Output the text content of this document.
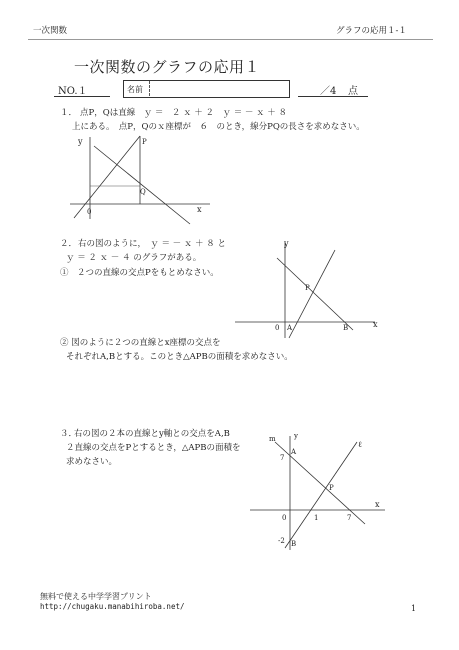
一次関数	グラフの応用１-１
一次関数のグラフの応用１
NO.１	名前	／4 点
１． 点P，Qは直線　ｙ ＝　２ ｘ ＋ ２　ｙ ＝ － ｘ ＋ ８
上にある。　点P，Qのｘ座標が　６　のとき，線分PQの長さを求めなさい。
y
x
0
P
Q
２． 右の図のように，　ｙ ＝ － ｘ ＋ ８ と
ｙ ＝ ２ ｘ － ４ のグラフがある。
①　２つの直線の交点Pをもとめなさい。
② 図のように２つの直線とx座標の交点を
それぞれA,Bとする。このとき△APBの面積を求めなさい。
y
x
0 A	B
P
３．
右の図の２本の直線とy軸との交点をA,B
２直線の交点をPとするとき，△APBの面積を
求めなさい。
m	y
ℓ
7
A
P
0	1	7
x
-2 B
無料で使える中学学習プリント
http://chugaku.manabihiroba.net/	1
